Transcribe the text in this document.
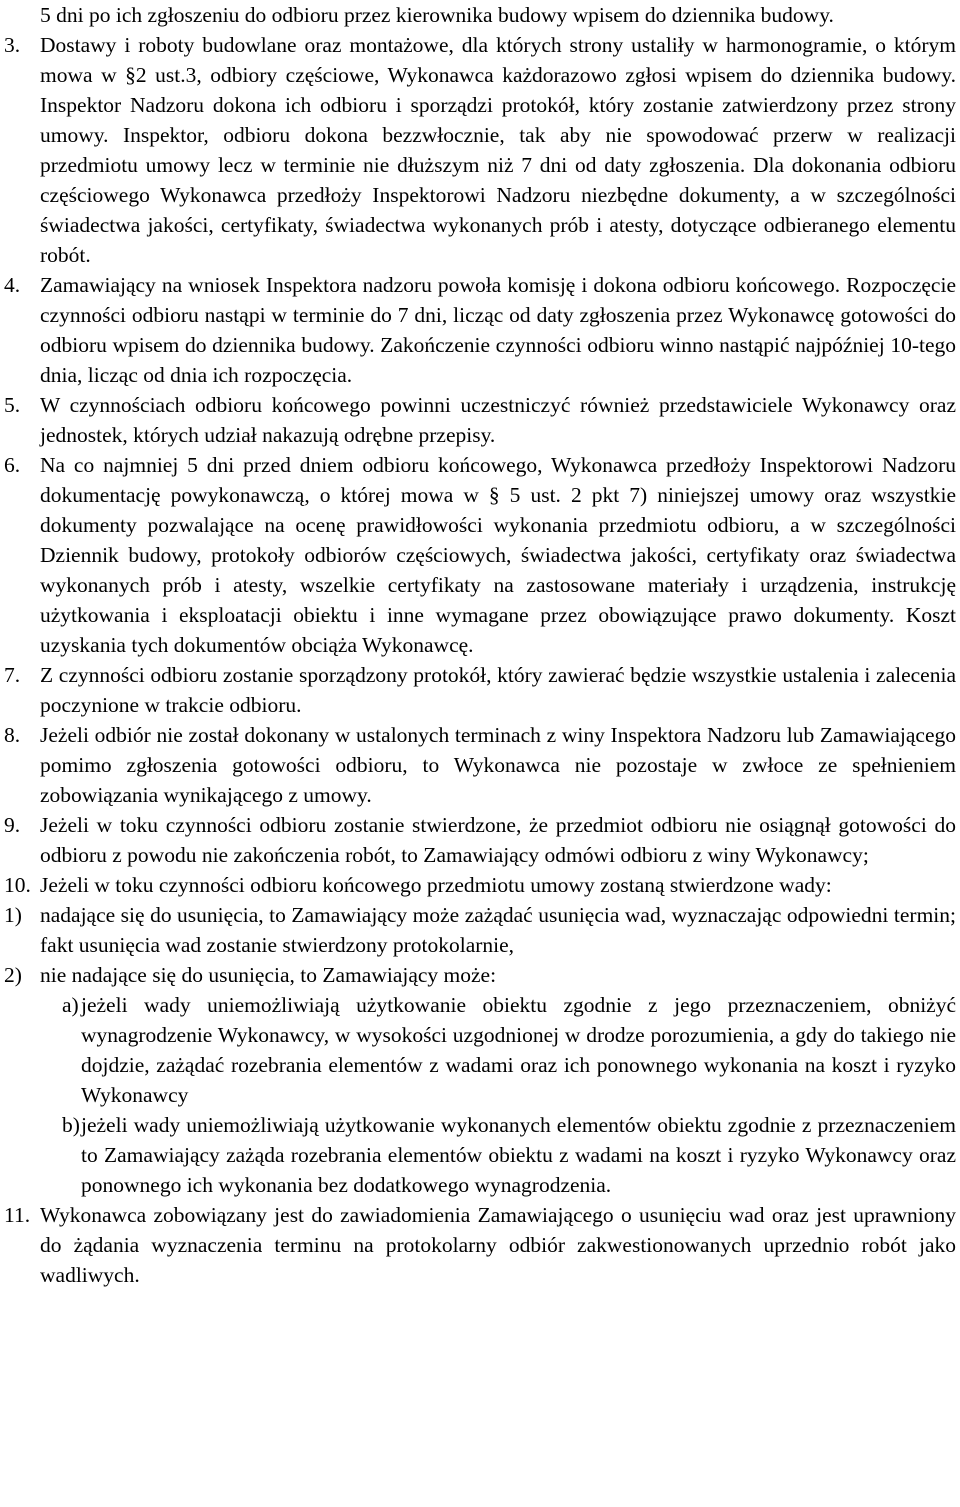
5 dni po ich zgłoszeniu do odbioru przez kierownika budowy wpisem do dziennika budowy.
3. Dostawy i roboty budowlane oraz montażowe, dla których strony ustaliły w harmonogramie, o którym mowa w §2 ust.3, odbiory częściowe, Wykonawca każdorazowo zgłosi wpisem do dziennika budowy. Inspektor Nadzoru dokona ich odbioru i sporządzi protokół, który zostanie zatwierdzony przez strony umowy. Inspektor, odbioru dokona bezzwłocznie, tak aby nie spowodować przerw w realizacji przedmiotu umowy lecz w terminie nie dłuższym niż 7 dni od daty zgłoszenia. Dla dokonania odbioru częściowego Wykonawca przedłoży Inspektorowi Nadzoru niezbędne dokumenty, a w szczególności świadectwa jakości, certyfikaty, świadectwa wykonanych prób i atesty, dotyczące odbieranego elementu robót.
4. Zamawiający na wniosek Inspektora nadzoru powoła komisję i dokona odbioru końcowego. Rozpoczęcie czynności odbioru nastąpi w terminie do 7 dni, licząc od daty zgłoszenia przez Wykonawcę gotowości do odbioru wpisem do dziennika budowy. Zakończenie czynności odbioru winno nastąpić najpóźniej 10-tego dnia, licząc od dnia ich rozpoczęcia.
5. W czynnościach odbioru końcowego powinni uczestniczyć również przedstawiciele Wykonawcy oraz jednostek, których udział nakazują odrębne przepisy.
6. Na co najmniej 5 dni przed dniem odbioru końcowego, Wykonawca przedłoży Inspektorowi Nadzoru dokumentację powykonawczą, o której mowa w § 5 ust. 2 pkt 7) niniejszej umowy oraz wszystkie dokumenty pozwalające na ocenę prawidłowości wykonania przedmiotu odbioru, a w szczególności Dziennik budowy, protokoły odbiorów częściowych, świadectwa jakości, certyfikaty oraz świadectwa wykonanych prób i atesty, wszelkie certyfikaty na zastosowane materiały i urządzenia, instrukcję użytkowania i eksploatacji obiektu i inne wymagane przez obowiązujące prawo dokumenty. Koszt uzyskania tych dokumentów obciąża Wykonawcę.
7. Z czynności odbioru zostanie sporządzony protokół, który zawierać będzie wszystkie ustalenia i zalecenia poczynione w trakcie odbioru.
8. Jeżeli odbiór nie został dokonany w ustalonych terminach z winy Inspektora Nadzoru lub Zamawiającego pomimo zgłoszenia gotowości odbioru, to Wykonawca nie pozostaje w zwłoce ze spełnieniem zobowiązania wynikającego z umowy.
9. Jeżeli w toku czynności odbioru zostanie stwierdzone, że przedmiot odbioru nie osiągnął gotowości do odbioru z powodu nie zakończenia robót, to Zamawiający odmówi odbioru z winy Wykonawcy;
10. Jeżeli w toku czynności odbioru końcowego przedmiotu umowy zostaną stwierdzone wady:
1) nadające się do usunięcia, to Zamawiający może zażądać usunięcia wad, wyznaczając odpowiedni termin; fakt usunięcia wad zostanie stwierdzony protokolarnie,
2) nie nadające się do usunięcia, to Zamawiający może:
a) jeżeli wady uniemożliwiają użytkowanie obiektu zgodnie z jego przeznaczeniem, obniżyć wynagrodzenie Wykonawcy, w wysokości uzgodnionej w drodze porozumienia, a gdy do takiego nie dojdzie, zażądać rozebrania elementów z wadami oraz ich ponownego wykonania na koszt i ryzyko Wykonawcy
b) jeżeli wady uniemożliwiają użytkowanie wykonanych elementów obiektu zgodnie z przeznaczeniem to Zamawiający zażąda rozebrania elementów obiektu z wadami na koszt i ryzyko Wykonawcy oraz ponownego ich wykonania bez dodatkowego wynagrodzenia.
11. Wykonawca zobowiązany jest do zawiadomienia Zamawiającego o usunięciu wad oraz jest uprawniony do żądania wyznaczenia terminu na protokolarny odbiór zakwestionowanych uprzednio robót jako wadliwych.
